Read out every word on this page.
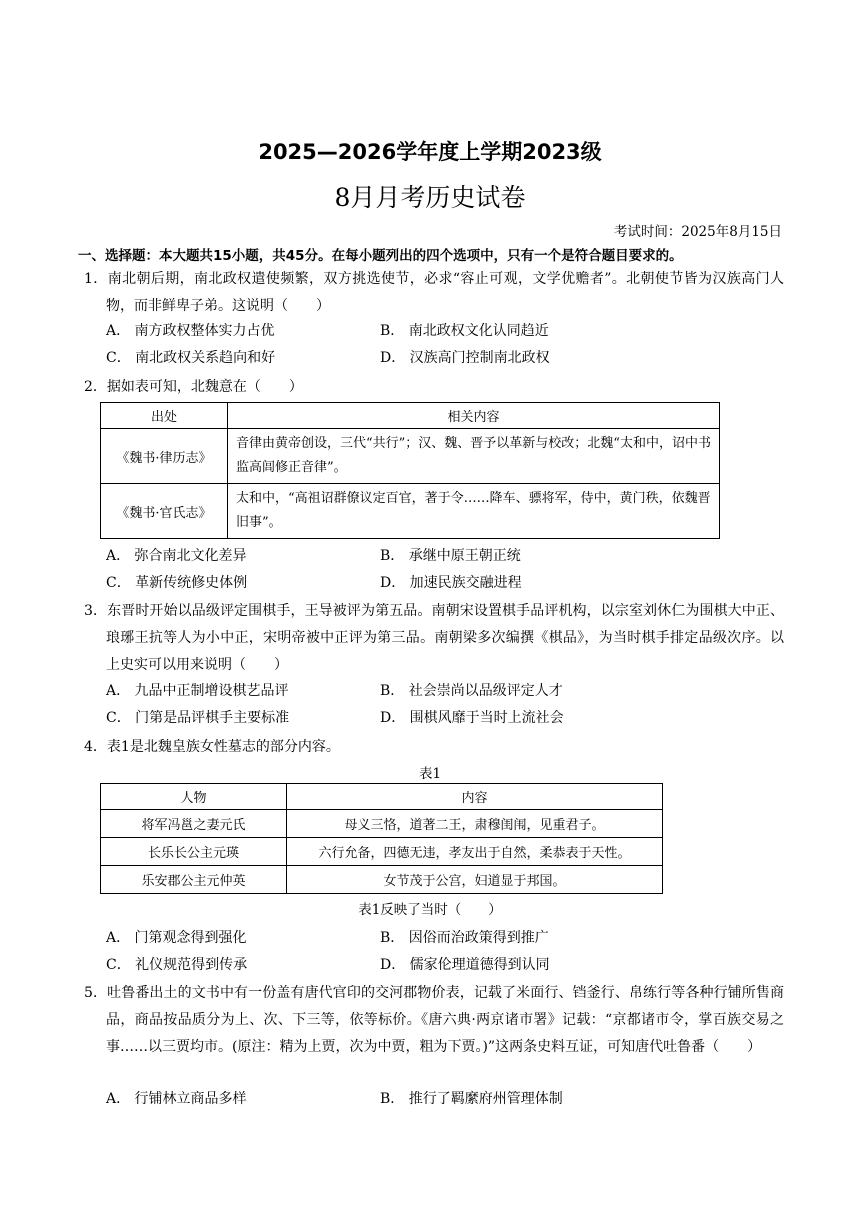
2025—2026学年度上学期2023级
8月月考历史试卷
考试时间：2025年8月15日
一、选择题：本大题共15小题，共45分。在每小题列出的四个选项中，只有一个是符合题目要求的。
1．南北朝后期，南北政权遣使频繁，双方挑选使节，必求“容止可观，文学优赡者”。北朝使节皆为汉族高门人物，而非鲜卑子弟。这说明（　　）
A． 南方政权整体实力占优	B． 南北政权文化认同趋近
C． 南北政权关系趋向和好	D． 汉族高门控制南北政权
2．据如表可知，北魏意在（　　）
出处	相关内容
《魏书·律历志》	音律由黄帝创设，三代“共行”；汉、魏、晋予以革新与校改；北魏“太和中，诏中书监高闾修正音律”。
《魏书·官氏志》	太和中，“高祖诏群僚议定百官，著于令……降车、骠将军，侍中，黄门秩，依魏晋旧事”。
A． 弥合南北文化差异	B． 承继中原王朝正统
C． 革新传统修史体例	D． 加速民族交融进程
3．东晋时开始以品级评定围棋手，王导被评为第五品。南朝宋设置棋手品评机构，以宗室刘休仁为围棋大中正、琅琊王抗等人为小中正，宋明帝被中正评为第三品。南朝梁多次编撰《棋品》，为当时棋手排定品级次序。以上史实可以用来说明（　　）
A． 九品中正制增设棋艺品评	B． 社会崇尚以品级评定人才
C． 门第是品评棋手主要标准	D． 围棋风靡于当时上流社会
4．表1是北魏皇族女性墓志的部分内容。
表1
人物	内容
将军冯邕之妻元氏	母义三恪，道著二王，肃穆闺闱，见重君子。
长乐长公主元瑛	六行允备，四德无违，孝友出于自然，柔恭表于天性。
乐安郡公主元仲英	女节茂于公宫，妇道显于邦国。
表1反映了当时（　　）
A． 门第观念得到强化	B． 因俗而治政策得到推广
C． 礼仪规范得到传承	D． 儒家伦理道德得到认同
5．吐鲁番出土的文书中有一份盖有唐代官印的交河郡物价表，记载了米面行、铛釜行、帛练行等各种行铺所售商品，商品按品质分为上、次、下三等，依等标价。《唐六典·两京诸市署》记载：“京都诸市令，掌百族交易之事……以三贾均市。(原注：精为上贾，次为中贾，粗为下贾。)”这两条史料互证，可知唐代吐鲁番（　　）
A． 行铺林立商品多样	B． 推行了羁縻府州管理体制
